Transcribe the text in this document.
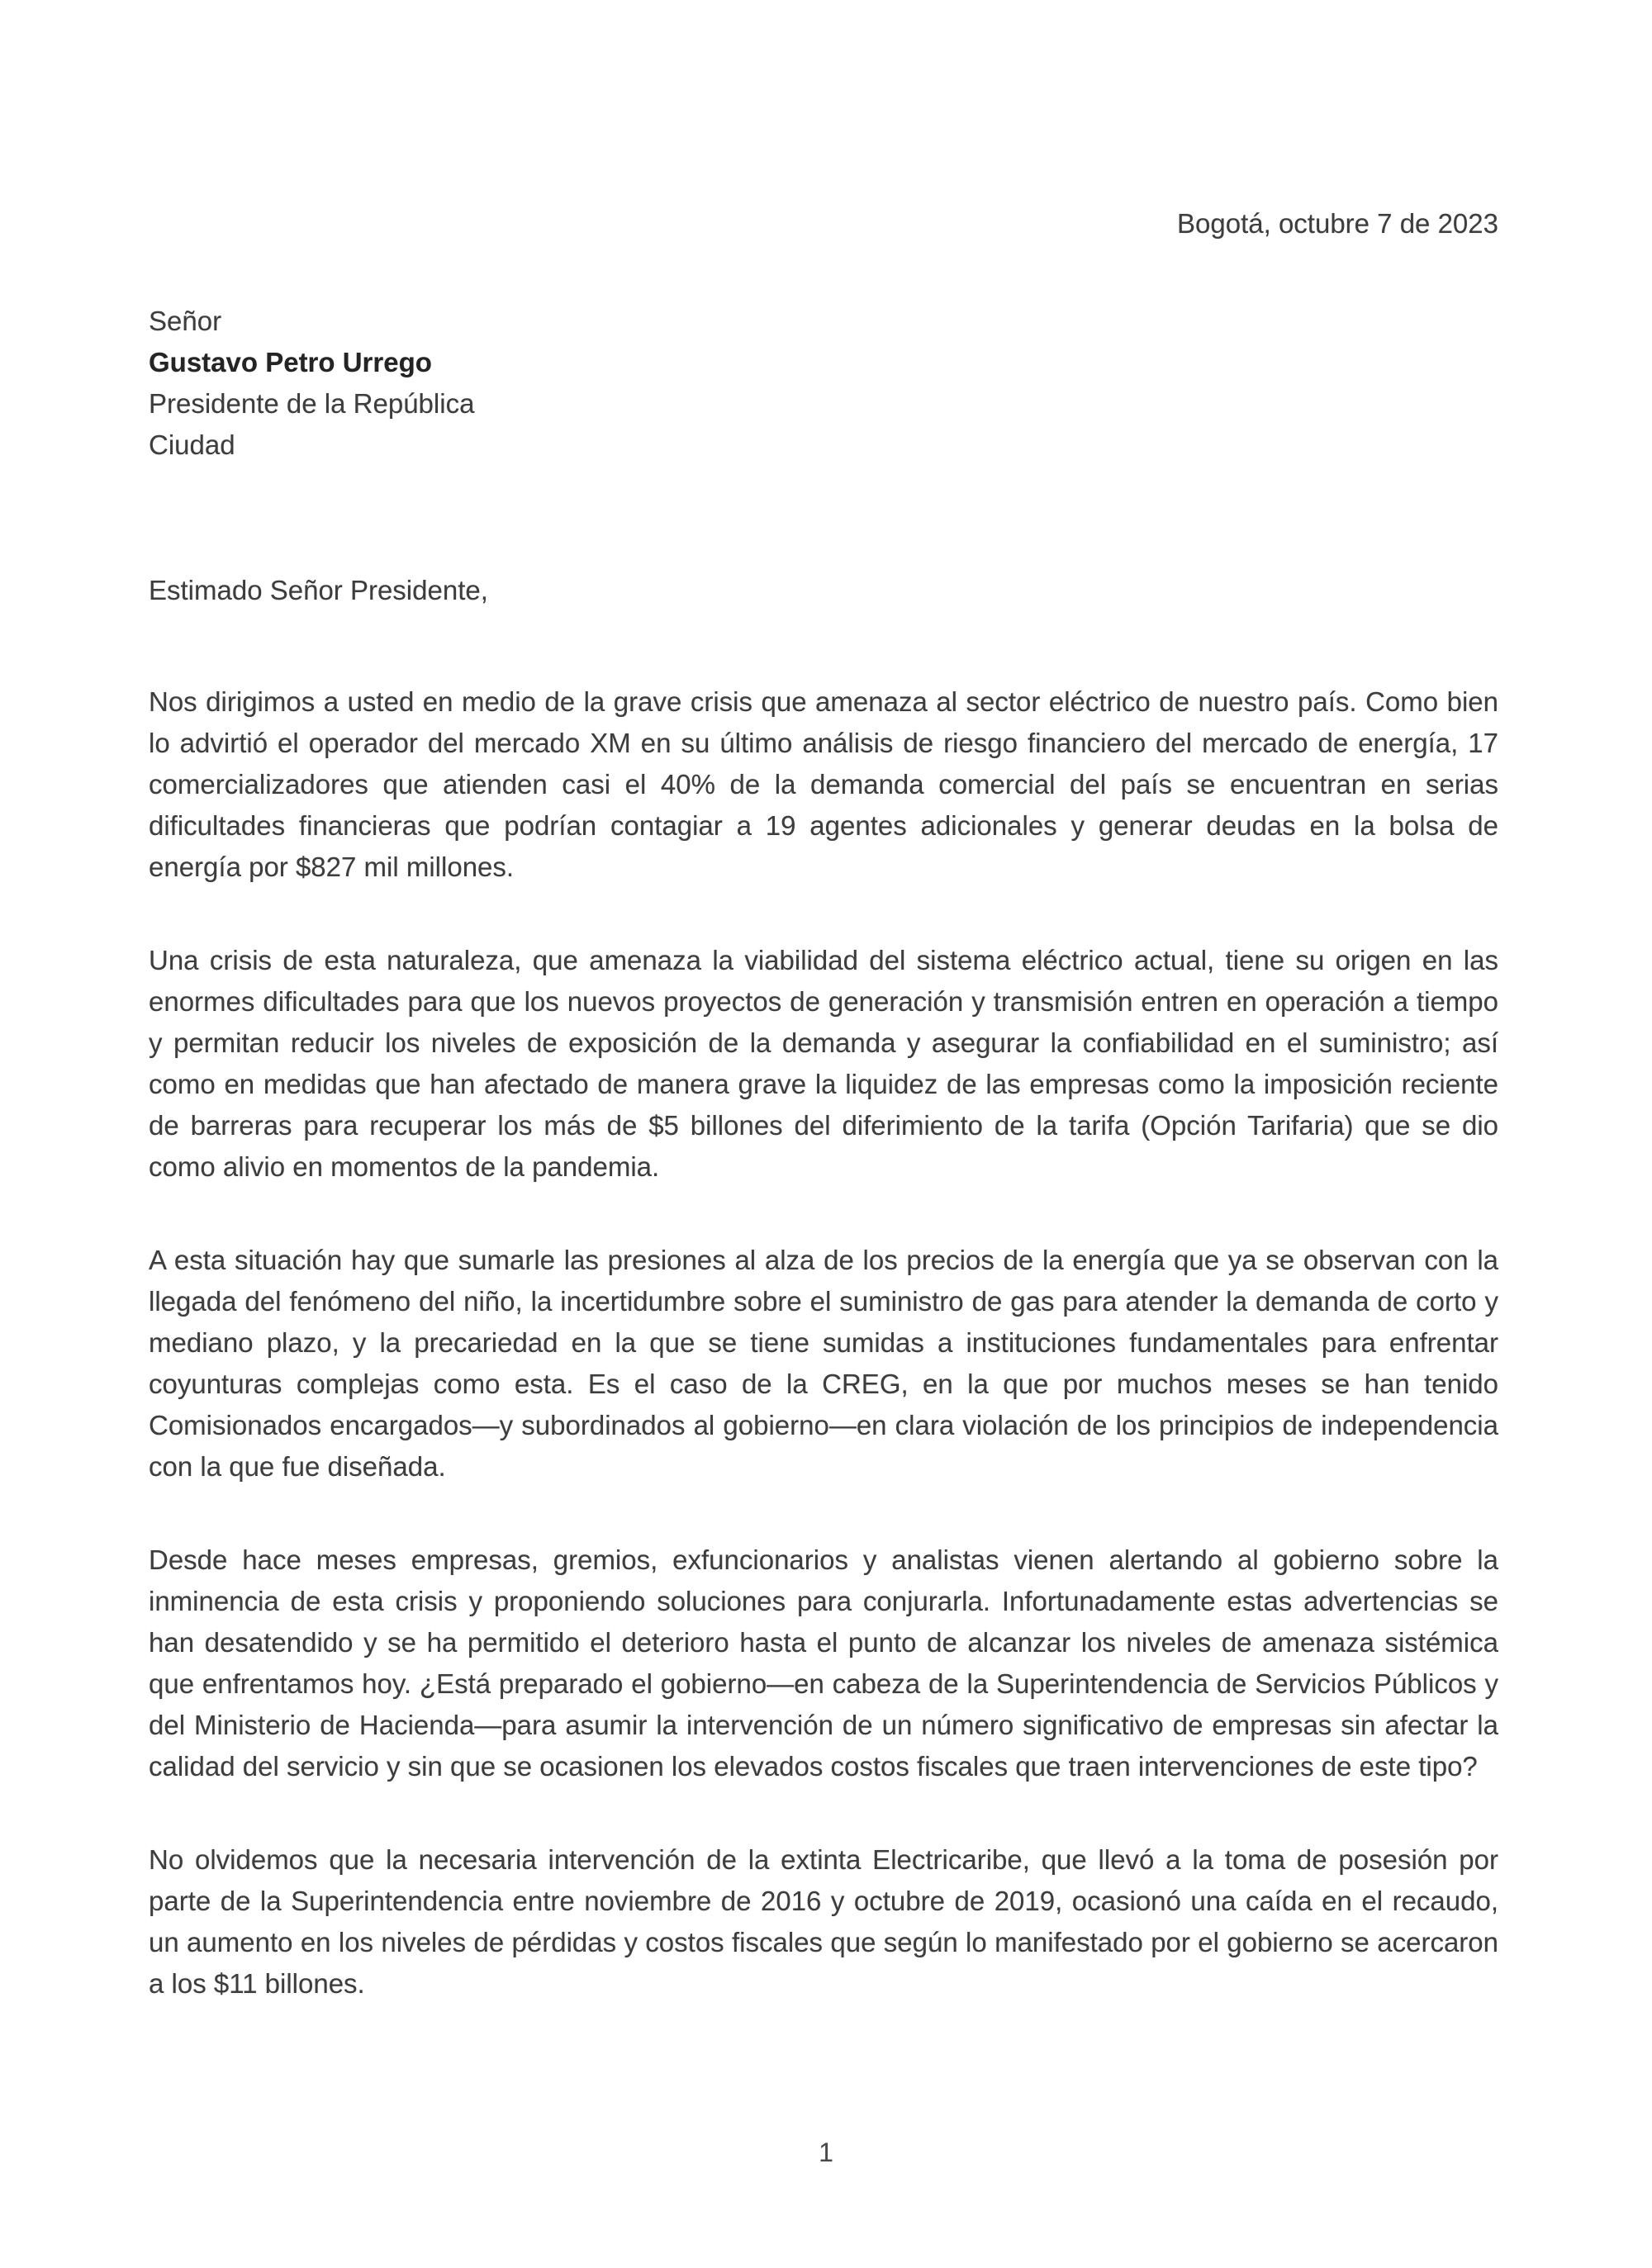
Bogotá, octubre 7 de 2023
Señor
Gustavo Petro Urrego
Presidente de la República
Ciudad
Estimado Señor Presidente,

Nos dirigimos a usted en medio de la grave crisis que amenaza al sector eléctrico de nuestro país. Como bien lo advirtió el operador del mercado XM en su último análisis de riesgo financiero del mercado de energía, 17 comercializadores que atienden casi el 40% de la demanda comercial del país se encuentran en serias dificultades financieras que podrían contagiar a 19 agentes adicionales y generar deudas en la bolsa de energía por $827 mil millones.

Una crisis de esta naturaleza, que amenaza la viabilidad del sistema eléctrico actual, tiene su origen en las enormes dificultades para que los nuevos proyectos de generación y transmisión entren en operación a tiempo y permitan reducir los niveles de exposición de la demanda y asegurar la confiabilidad en el suministro; así como en medidas que han afectado de manera grave la liquidez de las empresas como la imposición reciente de barreras para recuperar los más de $5 billones del diferimiento de la tarifa (Opción Tarifaria) que se dio como alivio en momentos de la pandemia.

A esta situación hay que sumarle las presiones al alza de los precios de la energía que ya se observan con la llegada del fenómeno del niño, la incertidumbre sobre el suministro de gas para atender la demanda de corto y mediano plazo, y la precariedad en la que se tiene sumidas a instituciones fundamentales para enfrentar coyunturas complejas como esta. Es el caso de la CREG, en la que por muchos meses se han tenido Comisionados encargados—y subordinados al gobierno—en clara violación de los principios de independencia con la que fue diseñada.

Desde hace meses empresas, gremios, exfuncionarios y analistas vienen alertando al gobierno sobre la inminencia de esta crisis y proponiendo soluciones para conjurarla. Infortunadamente estas advertencias se han desatendido y se ha permitido el deterioro hasta el punto de alcanzar los niveles de amenaza sistémica que enfrentamos hoy. ¿Está preparado el gobierno—en cabeza de la Superintendencia de Servicios Públicos y del Ministerio de Hacienda—para asumir la intervención de un número significativo de empresas sin afectar la calidad del servicio y sin que se ocasionen los elevados costos fiscales que traen intervenciones de este tipo?

No olvidemos que la necesaria intervención de la extinta Electricaribe, que llevó a la toma de posesión por parte de la Superintendencia entre noviembre de 2016 y octubre de 2019, ocasionó una caída en el recaudo, un aumento en los niveles de pérdidas y costos fiscales que según lo manifestado por el gobierno se acercaron a los $11 billones.

1
